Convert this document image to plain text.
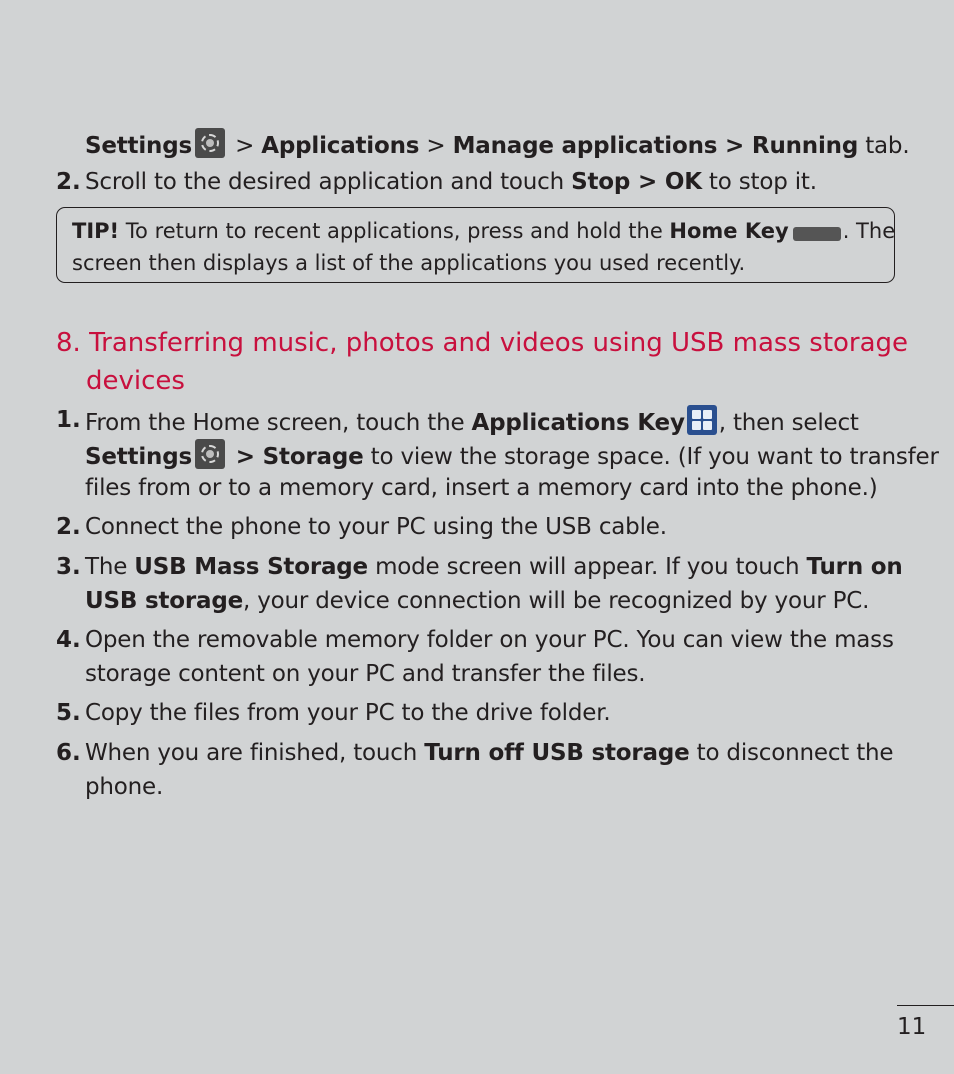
Settings > Applications > Manage applications > Running tab.
2. Scroll to the desired application and touch Stop > OK to stop it.
TIP! To return to recent applications, press and hold the Home Key	. The
screen then displays a list of the applications you used recently.
8. Transferring music, photos and videos using USB mass storage
devices
1. From the Home screen, touch the Applications Key , then select
Settings > Storage to view the storage space. (If you want to transfer
files from or to a memory card, insert a memory card into the phone.)
2. Connect the phone to your PC using the USB cable.
3. The USB Mass Storage mode screen will appear. If you touch Turn on
USB storage, your device connection will be recognized by your PC.
4. Open the removable memory folder on your PC. You can view the mass
storage content on your PC and transfer the files.
5. Copy the files from your PC to the drive folder.
6. When you are finished, touch Turn off USB storage to disconnect the
phone.
11
